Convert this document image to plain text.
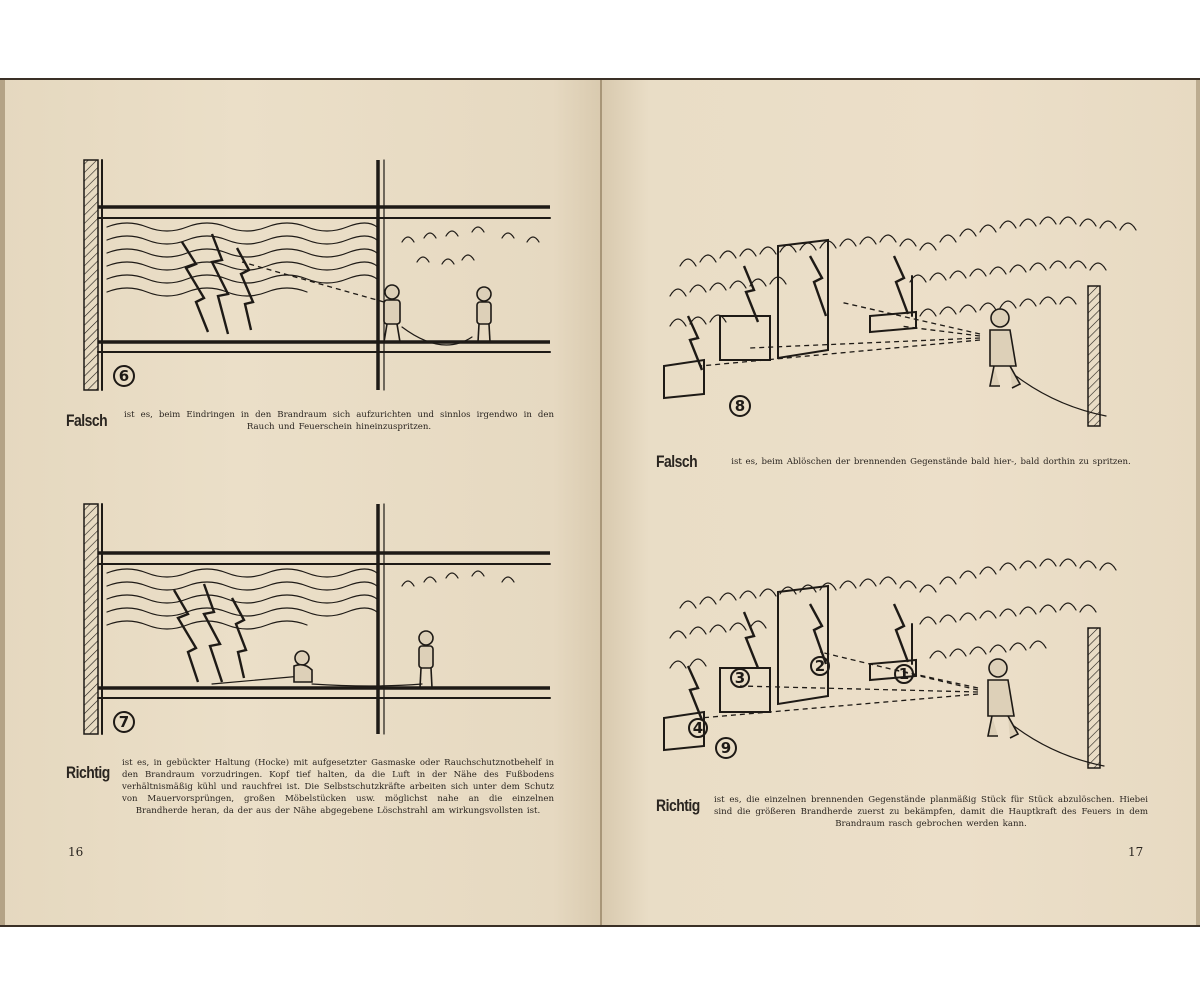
6
Falsch ist es, beim Eindringen in den Brandraum sich aufzurichten und sinnlos irgendwo in den Rauch und Feuerschein hineinzuspritzen.
7
Richtig ist es, in gebückter Haltung (Hocke) mit aufgesetzter Gasmaske oder Rauchschutznotbehelf in den Brandraum vorzudringen. Kopf tief halten, da die Luft in der Nähe des Fußbodens verhältnismäßig kühl und rauchfrei ist. Die Selbstschutzkräfte arbeiten sich unter dem Schutz von Mauervorsprüngen, großen Möbelstücken usw. möglichst nahe an die einzelnen Brandherde heran, da der aus der Nähe abgegebene Löschstrahl am wirkungsvollsten ist.
16
8
Falsch	ist es, beim Ablöschen der brennenden Gegenstände bald hier-, bald dorthin zu spritzen.
1
2
3
4
9
Richtig ist es, die einzelnen brennenden Gegenstände planmäßig Stück für Stück abzulöschen. Hiebei sind die größeren Brandherde zuerst zu bekämpfen, damit die Hauptkraft des Feuers in dem Brandraum rasch gebrochen werden kann.
17
